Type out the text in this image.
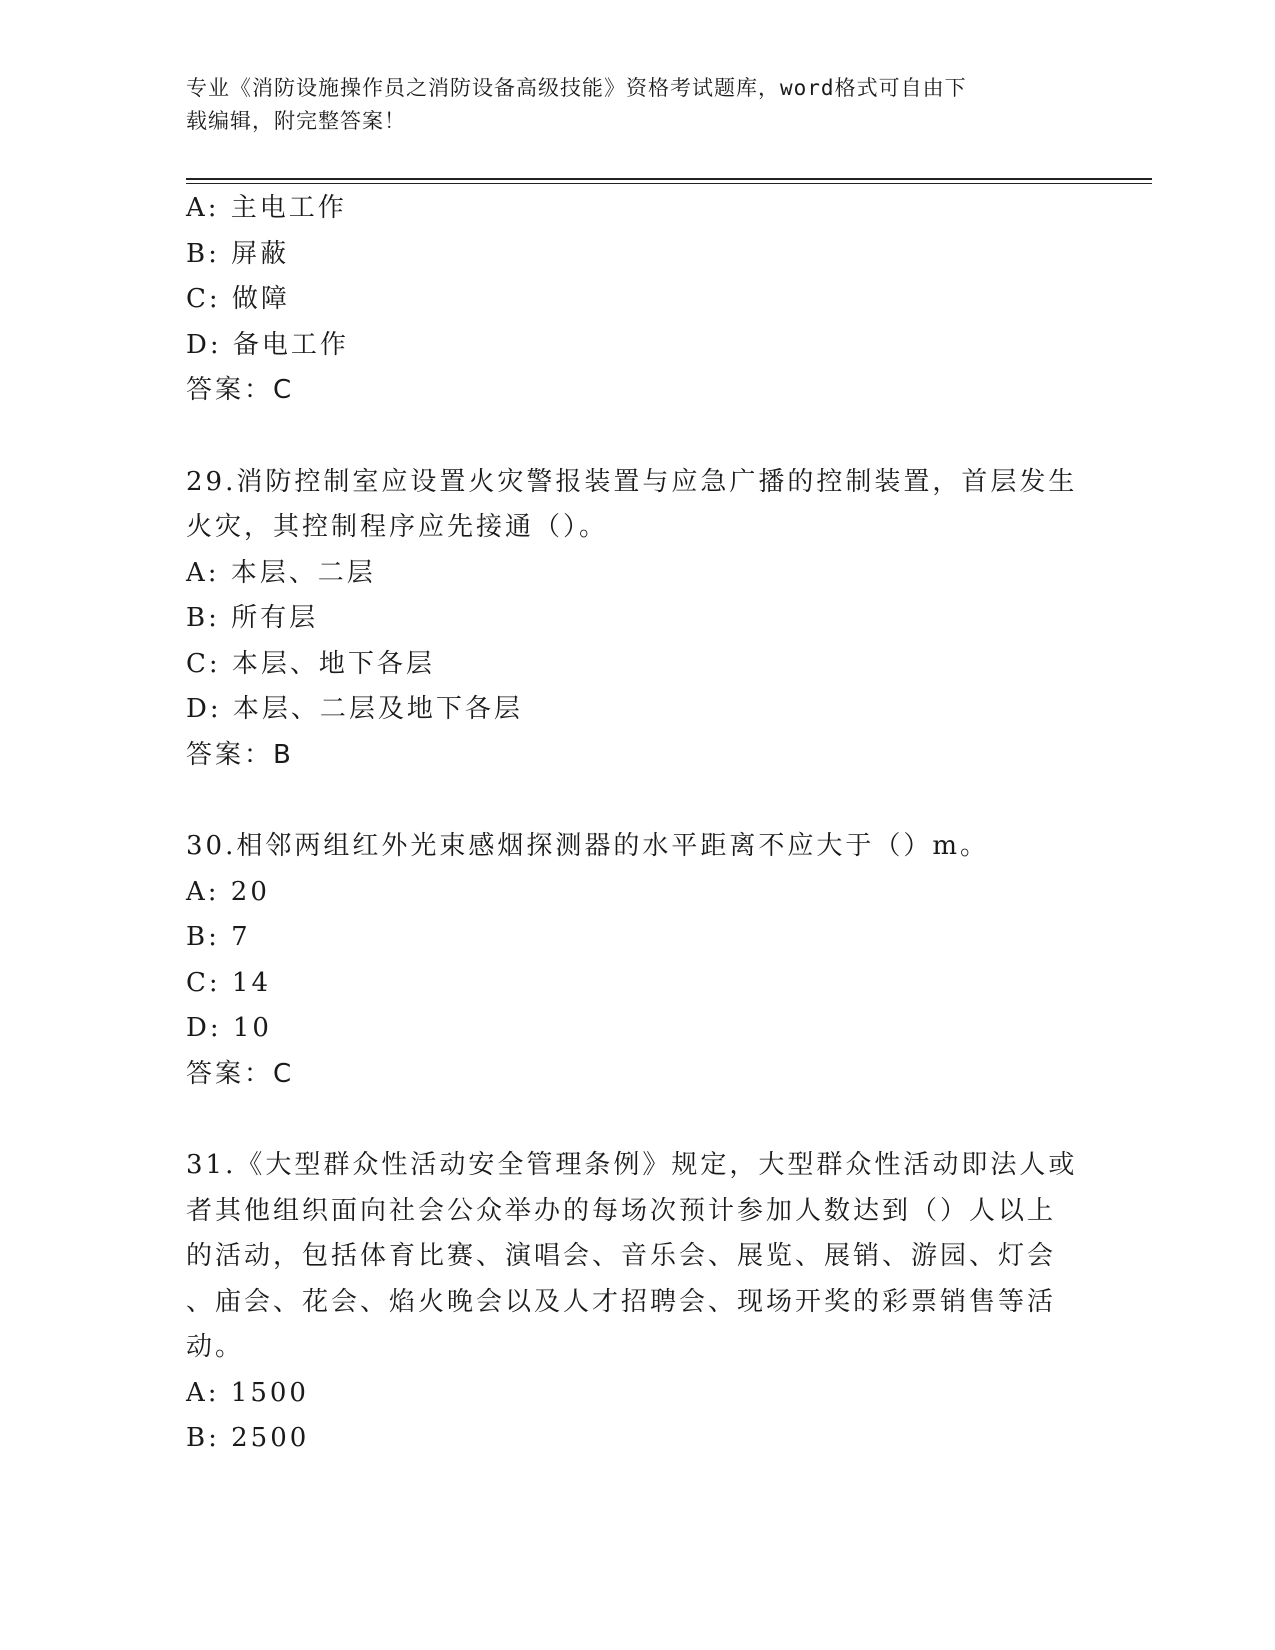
专业《消防设施操作员之消防设备高级技能》资格考试题库，word格式可自由下

载编辑，附完整答案！

A: 主电工作

B: 屏蔽

C: 做障

D: 备电工作

答案：C

29.消防控制室应设置火灾警报装置与应急广播的控制装置，首层发生

火灾，其控制程序应先接通（）。

A: 本层、二层

B: 所有层

C: 本层、地下各层

D: 本层、二层及地下各层

答案：B

30.相邻两组红外光束感烟探测器的水平距离不应大于（）m。

A: 20

B: 7

C: 14

D: 10

答案：C

31.《大型群众性活动安全管理条例》规定，大型群众性活动即法人或

者其他组织面向社会公众举办的每场次预计参加人数达到（）人以上

的活动，包括体育比赛、演唱会、音乐会、展览、展销、游园、灯会

、庙会、花会、焰火晚会以及人才招聘会、现场开奖的彩票销售等活

动。

A: 1500

B: 2500
